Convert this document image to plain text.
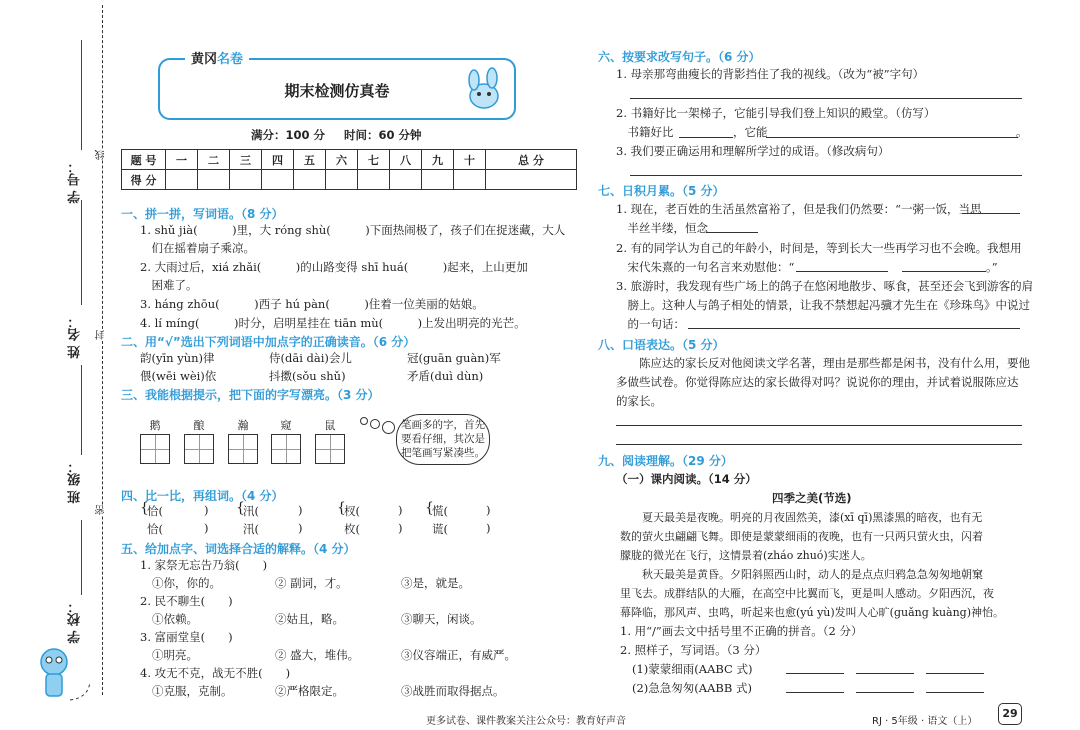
学 号：
线
姓 名： 封
班 级：
密
学 校：
期末检测仿真卷
黄冈名卷
满分：100 分 时间：60 分钟
题 号	一	二	三	四	五	六	七	八	九	十	总 分
得 分											
一、拼一拼，写词语。（8 分）
1. shǔ jià(　　　)里，大 róng shù(　　　)下面热闹极了，孩子们在捉迷藏，大人
　们在摇着扇子乘凉。
2. 大雨过后，xiá zhǎi(　　　)的山路变得 shī huá(　　　)起来，上山更加
　困难了。
3. háng zhōu(　　　)西子 hú pàn(　　　)住着一位美丽的姑娘。
4. lí míng(　　　)时分，启明星挂在 tiān mù(　　　)上发出明亮的光芒。
二、用“√”选出下列词语中加点字的正确读音。（6 分）
韵(yīn yùn)律	侍(dāi dài)会儿	冠(guān guàn)军
偎(wēi wèi)依	抖擞(sǒu shǔ)	矛盾(duì dùn)
三、我能根据提示，把下面的字写漂亮。（3 分）
鹅	酿	瀚	窥	鼠	笔画多的字，首先
要看仔细，其次是
把笔画写紧凑些。
四、比一比，再组词。（4 分）
{
恰(	)
恰(	)
{
汛(	)
汛(	)
{
杈(	)
枚(	)
{
慌(	)
谎(	)
五、给加点字、词选择合适的解释。（4 分）
1. 家祭无忘告乃翁(　　)
①你，你的。	② 副词，才。	③是，就是。
2. 民不聊生(　　)
①依赖。	②姑且，略。	③聊天，闲谈。
3. 富丽堂皇(　　)
①明亮。	② 盛大，堆伟。	③仪容端正，有威严。
4. 攻无不克，战无不胜(　　)
①克服，克制。	②严格限定。	③战胜而取得据点。
六、按要求改写句子。（6 分）
1. 母亲那弯曲瘦长的背影挡住了我的视线。（改为“被”字句）
2. 书籍好比一架梯子，它能引导我们登上知识的殿堂。（仿写）
　书籍好比	，它能	。
3. 我们要正确运用和理解所学过的成语。（修改病句）
七、日积月累。（5 分）
1. 现在，老百姓的生活虽然富裕了，但是我们仍然要：“一粥一饭，当思
　半丝半缕，恒念
2. 有的同学认为自己的年龄小，时间是，等到长大一些再学习也不会晚。我想用
　宋代朱熹的一句名言来劝慰他：“	。”
3. 旅游时，我发现有些广场上的鸽子在悠闲地散步、啄食，甚至还会飞到游客的肩
　膀上。这种人与鸽子相处的情景，让我不禁想起冯骥才先生在《珍珠鸟》中说过
　的一句话：
八、口语表达。（5 分）
　　陈应达的家长反对他阅读文学名著，理由是那些都是闲书，没有什么用，要他
多做些试卷。你觉得陈应达的家长做得对吗？说说你的理由，并试着说服陈应达
的家长。
九、阅读理解。（29 分）
（一）课内阅读。（14 分）
四季之美(节选)
　　夏天最美是夜晚。明亮的月夜固然美，漆(xī qī)黑漆黑的暗夜，也有无
数的萤火虫翩翩飞舞。即使是蒙蒙细雨的夜晚，也有一只两只萤火虫，闪着
朦胧的微光在飞行，这情景着(zháo zhuó)实迷人。
　　秋天最美是黄昏。夕阳斜照西山时，动人的是点点归鸦急急匆匆地朝窠
里飞去。成群结队的大雁，在高空中比翼而飞，更是叫人感动。夕阳西沉，夜
幕降临，那风声、虫鸣，听起来也愈(yú yù)发叫人心旷(guǎng kuàng)神怡。
1. 用“/”画去文中括号里不正确的拼音。（2 分）
2. 照样子，写词语。（3 分）
(1)蒙蒙细雨(AABC 式)
(2)急急匆匆(AABB 式)
更多试卷、课件教案关注公众号：教育好声音	RJ · 5年级 · 语文（上）
29
